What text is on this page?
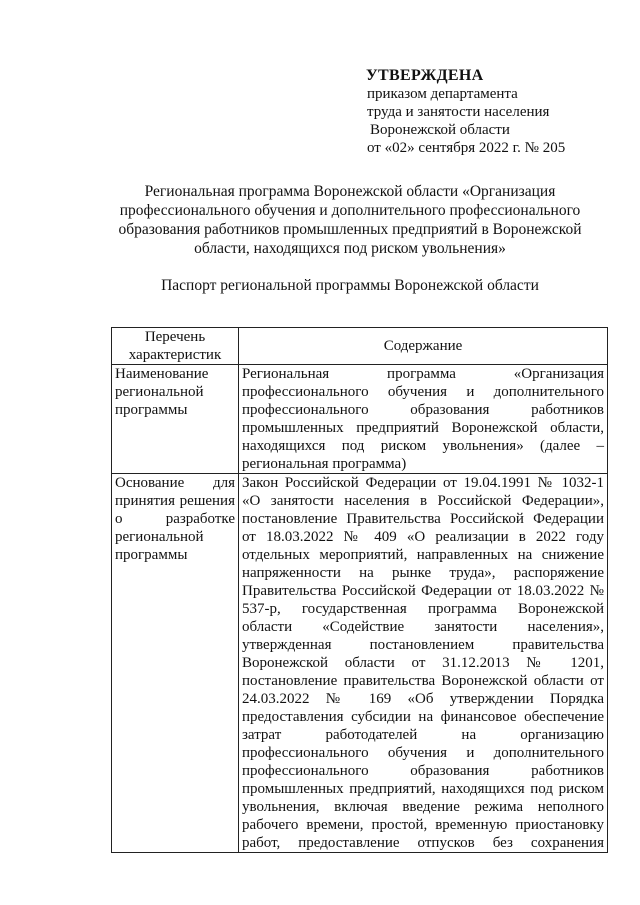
УТВЕРЖДЕНА
приказом департамента
труда и занятости населения
Воронежской области
от «02» сентября 2022 г. № 205
Региональная программа Воронежской области «Организация профессионального обучения и дополнительного профессионального образования работников промышленных предприятий в Воронежской области, находящихся под риском увольнения»
Паспорт региональной программы Воронежской области
Перечень характеристик	Содержание
Наименование региональной программы	Региональная программа «Организация профессионального обучения и дополнительного профессионального образования работников промышленных предприятий Воронежской области, находящихся под риском увольнения» (далее – региональная программа)
Основание для принятия решения о разработке региональной программы	Закон Российской Федерации от 19.04.1991 № 1032-1 «О занятости населения в Российской Федерации», постановление Правительства Российской Федерации от 18.03.2022 № 409 «О реализации в 2022 году отдельных мероприятий, направленных на снижение напряженности на рынке труда», распоряжение Правительства Российской Федерации от 18.03.2022 № 537-р, государственная программа Воронежской области «Содействие занятости населения», утвержденная постановлением правительства Воронежской области от 31.12.2013 № 1201, постановление правительства Воронежской области от 24.03.2022 № 169 «Об утверждении Порядка предоставления субсидии на финансовое обеспечение затрат работодателей на организацию профессионального обучения и дополнительного профессионального образования работников промышленных предприятий, находящихся под риском увольнения, включая введение режима неполного рабочего времени, простой, временную приостановку работ, предоставление отпусков без сохранения
